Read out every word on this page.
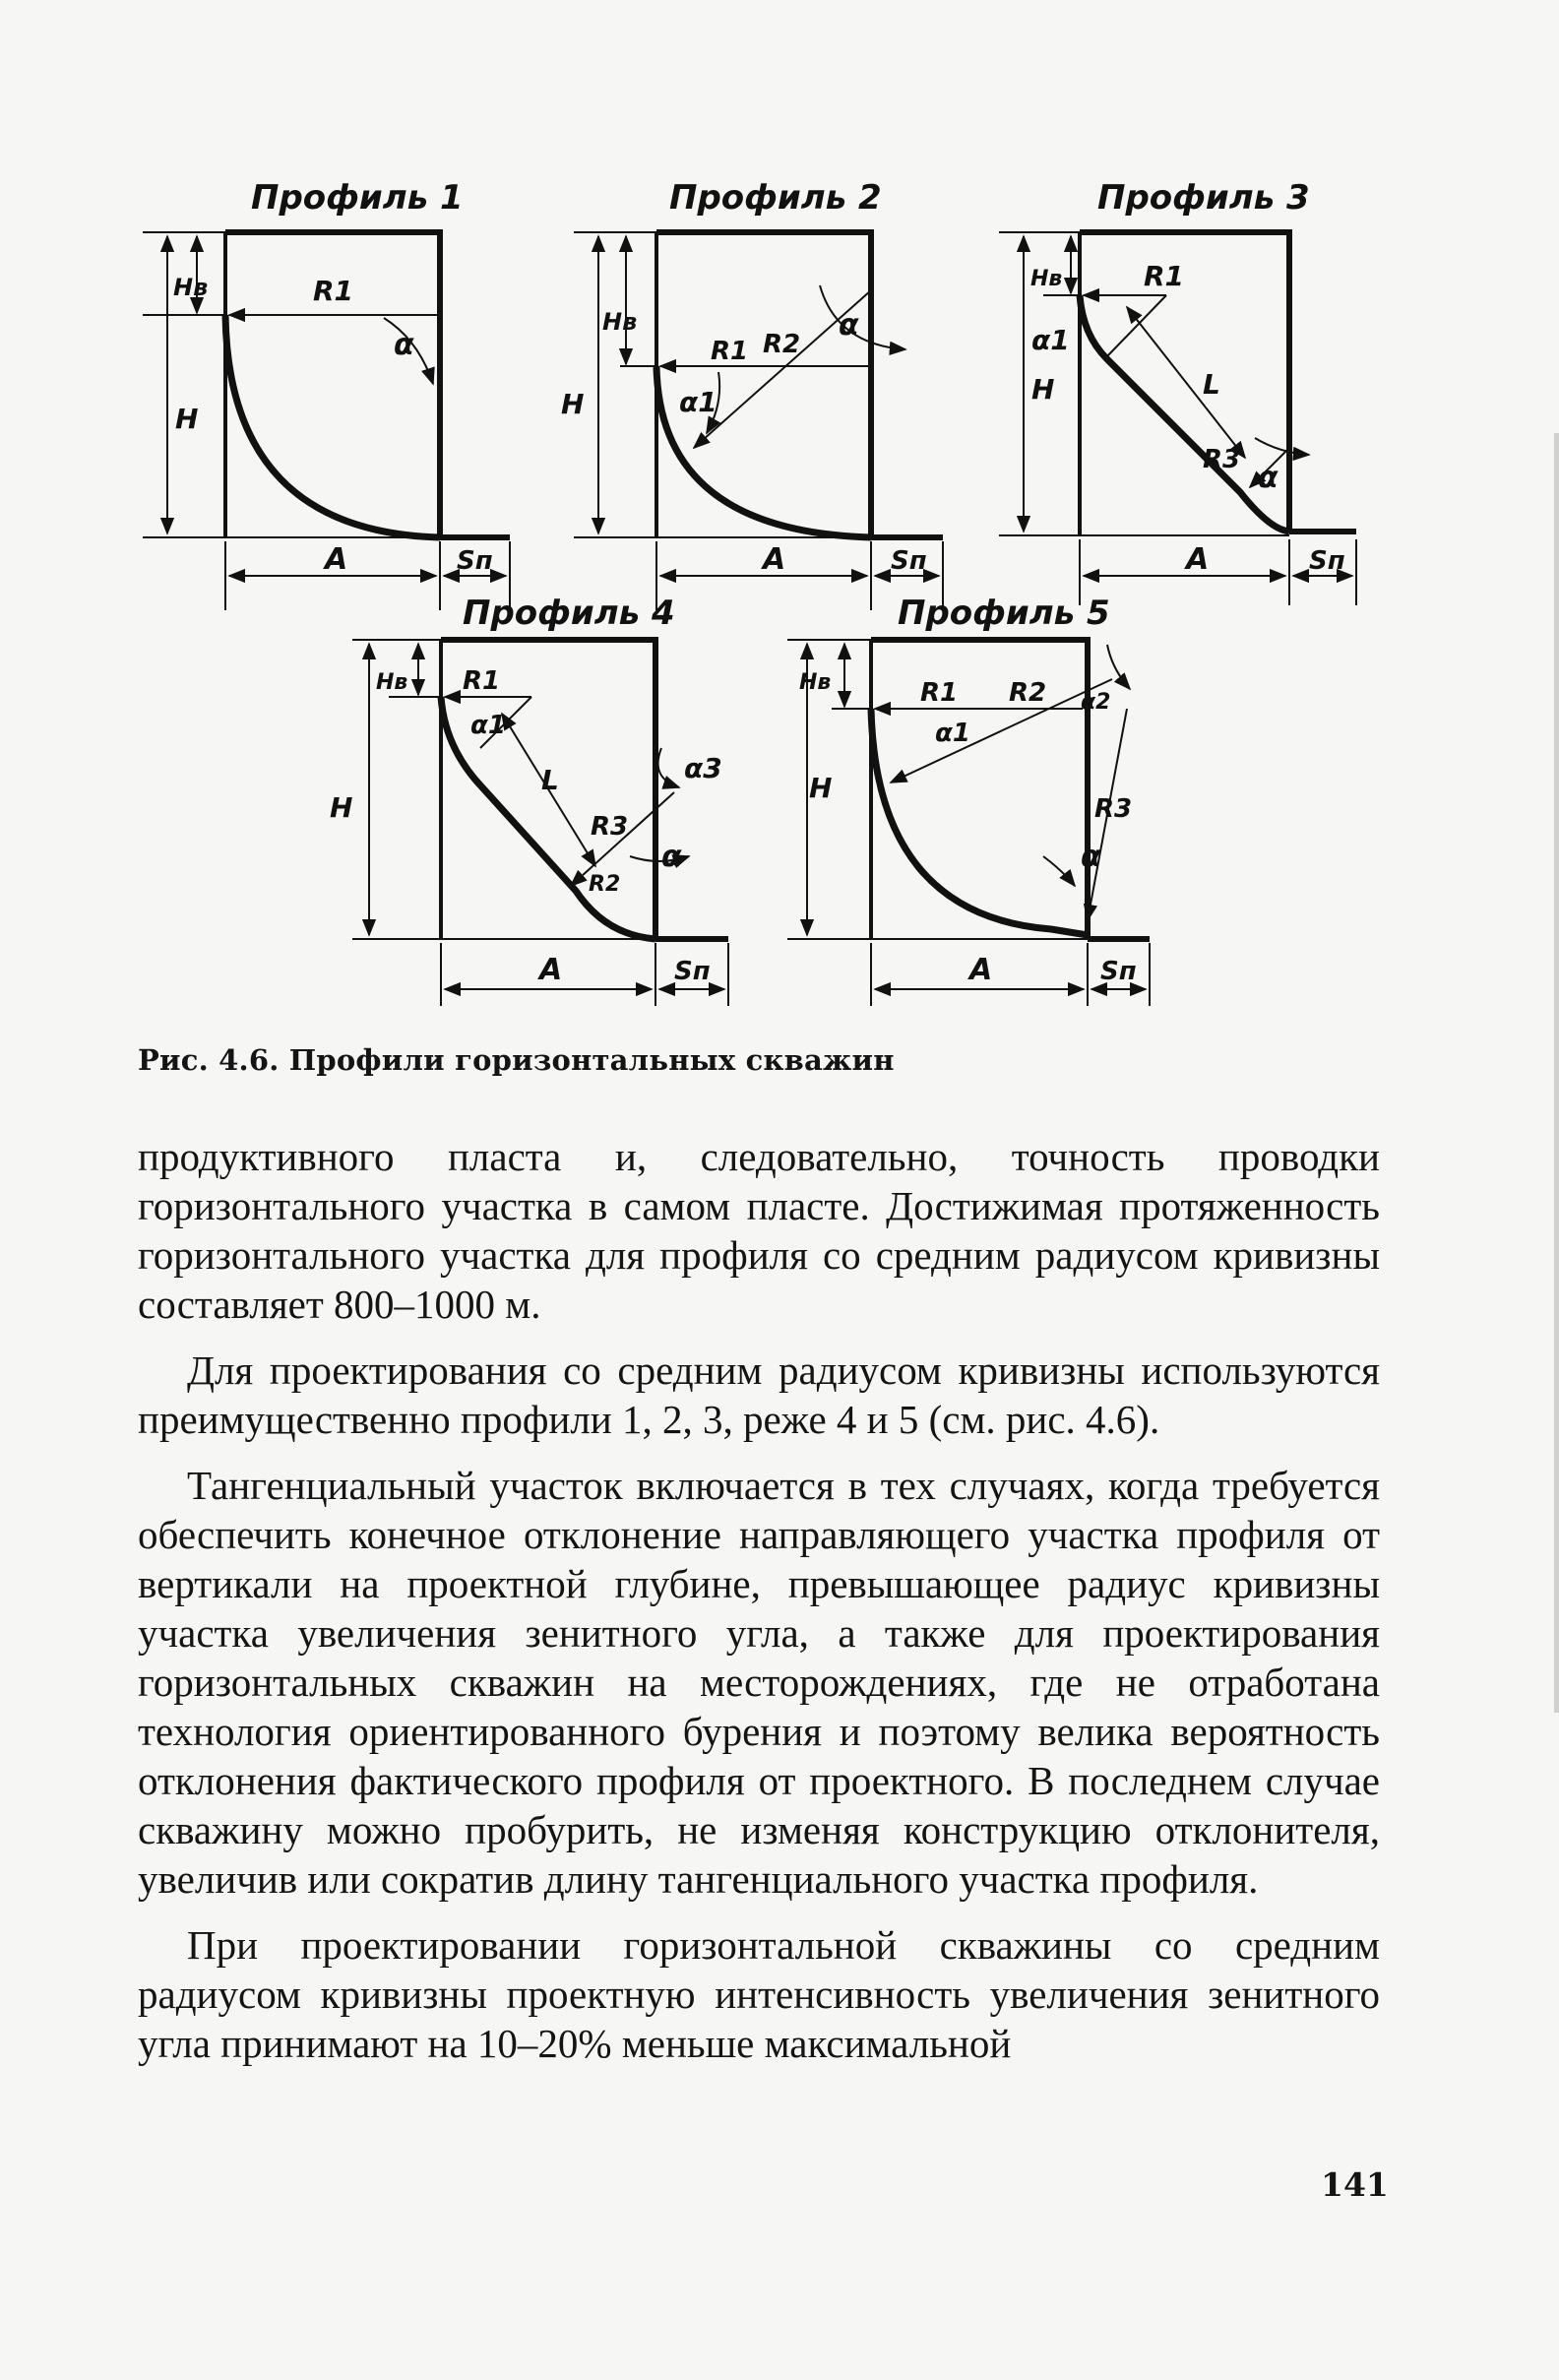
Профиль 1
Hв
H
R1
α
A	Sп
Профиль 2
Hв
H
R1 R2
α1
α
A	Sп
Профиль 3
Hв
H
α1
R1
L
R3
α
A	Sп
Профиль 4
Hв
H
R1
α1
L
R3
R2
α3
α
A	Sп
Профиль 5
Hв
H
R1 R2
α1
α2
R3
α
A	Sп
Рис. 4.6. Профили горизонтальных скважин

продуктивного пласта и, следовательно, точность проводки горизонтального участка в самом пласте. Достижимая протяженность горизонтального участка для профиля со средним радиусом кривизны составляет 800–1000 м.

Для проектирования со средним радиусом кривизны используются преимущественно профили 1, 2, 3, реже 4 и 5 (см. рис. 4.6).

Тангенциальный участок включается в тех случаях, когда требуется обеспечить конечное отклонение направляющего участка профиля от вертикали на проектной глубине, превышающее радиус кривизны участка увеличения зенитного угла, а также для проектирования горизонтальных скважин на месторождениях, где не отработана технология ориентированного бурения и поэтому велика вероятность отклонения фактического профиля от проектного. В последнем случае скважину можно пробурить, не изменяя конструкцию отклонителя, увеличив или сократив длину тангенциального участка профиля.

При проектировании горизонтальной скважины со средним радиусом кривизны проектную интенсивность увеличения зенитного угла принимают на 10–20% меньше максимальной

141
